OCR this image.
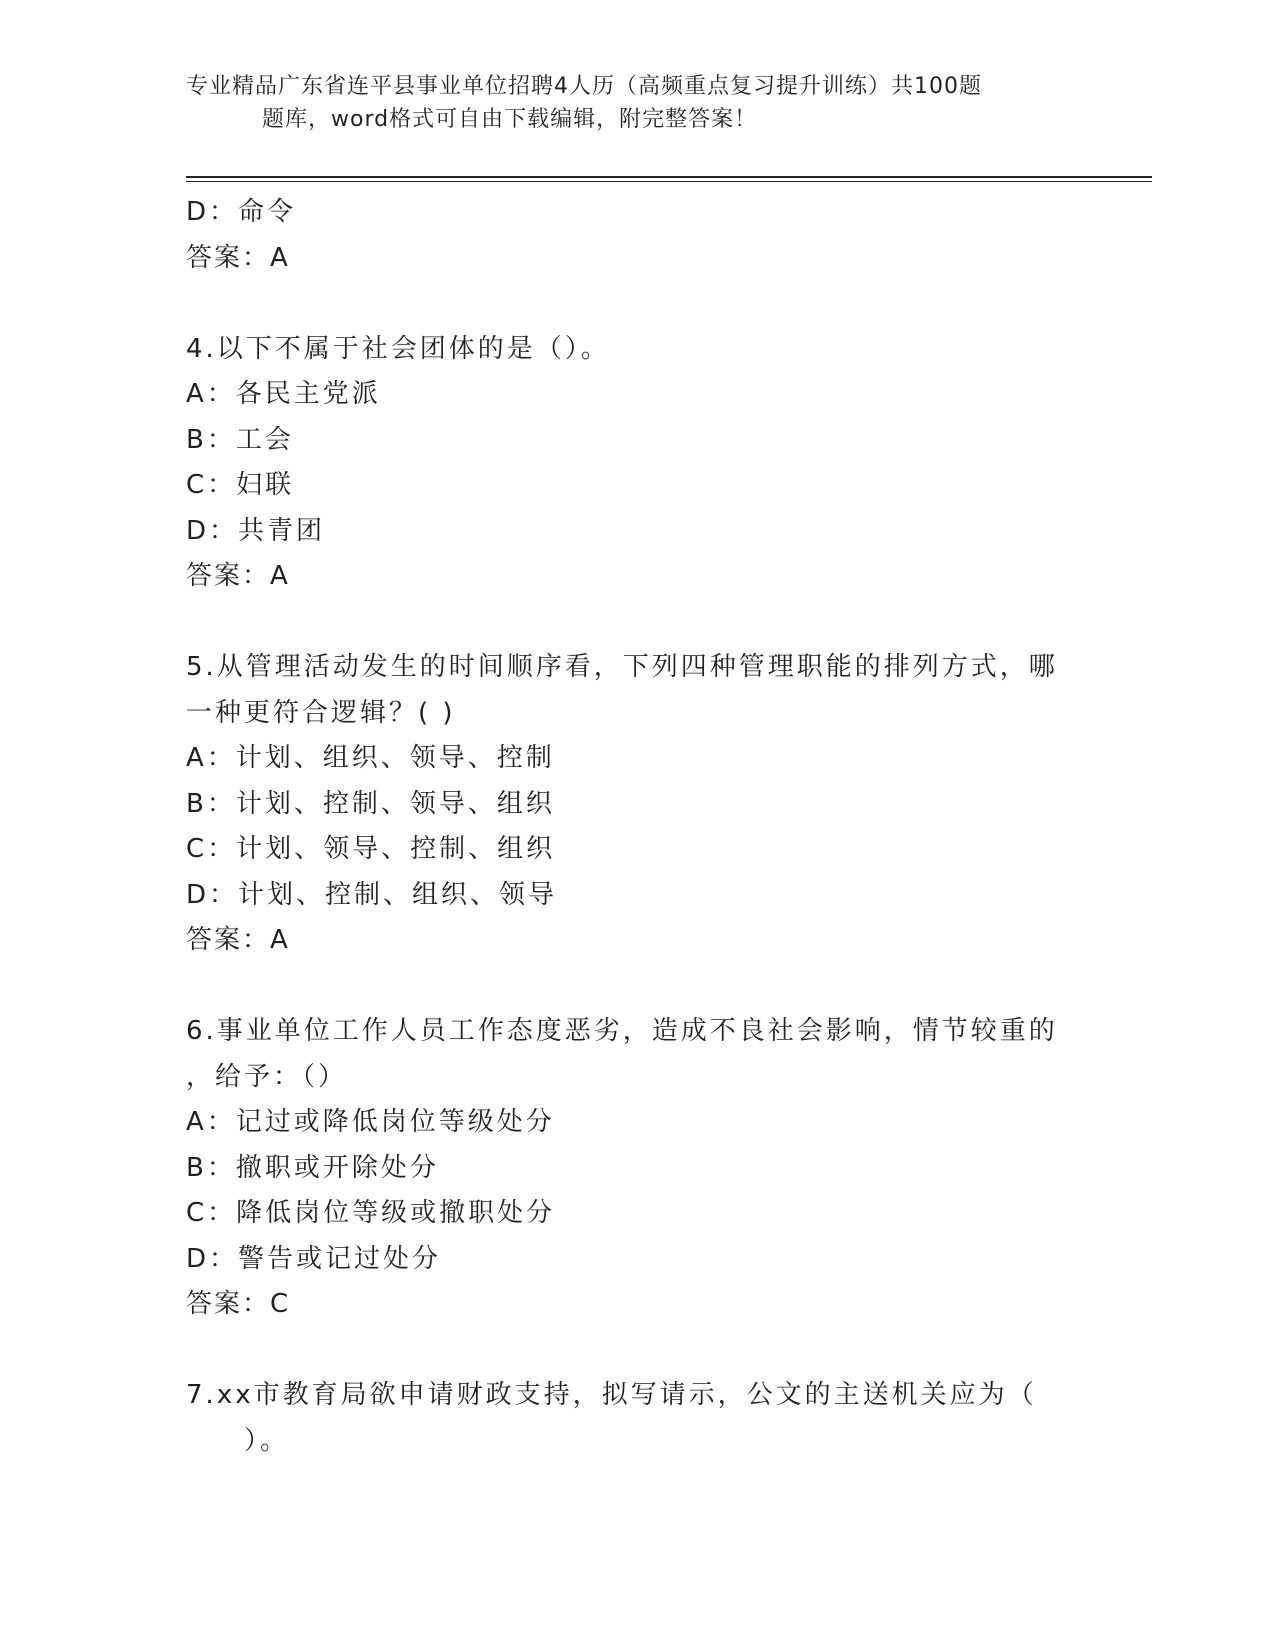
专业精品广东省连平县事业单位招聘4人历（高频重点复习提升训练）共100题
题库，word格式可自由下载编辑，附完整答案！
D：命令
答案：A
4.以下不属于社会团体的是（）。
A：各民主党派
B：工会
C：妇联
D：共青团
答案：A
5.从管理活动发生的时间顺序看，下列四种管理职能的排列方式，哪
一种更符合逻辑？( )
A：计划、组织、领导、控制
B：计划、控制、领导、组织
C：计划、领导、控制、组织
D：计划、控制、组织、领导
答案：A
6.事业单位工作人员工作态度恶劣，造成不良社会影响，情节较重的
，给予：（）
A：记过或降低岗位等级处分
B：撤职或开除处分
C：降低岗位等级或撤职处分
D：警告或记过处分
答案：C
7.xx市教育局欲申请财政支持，拟写请示，公文的主送机关应为（
）。
